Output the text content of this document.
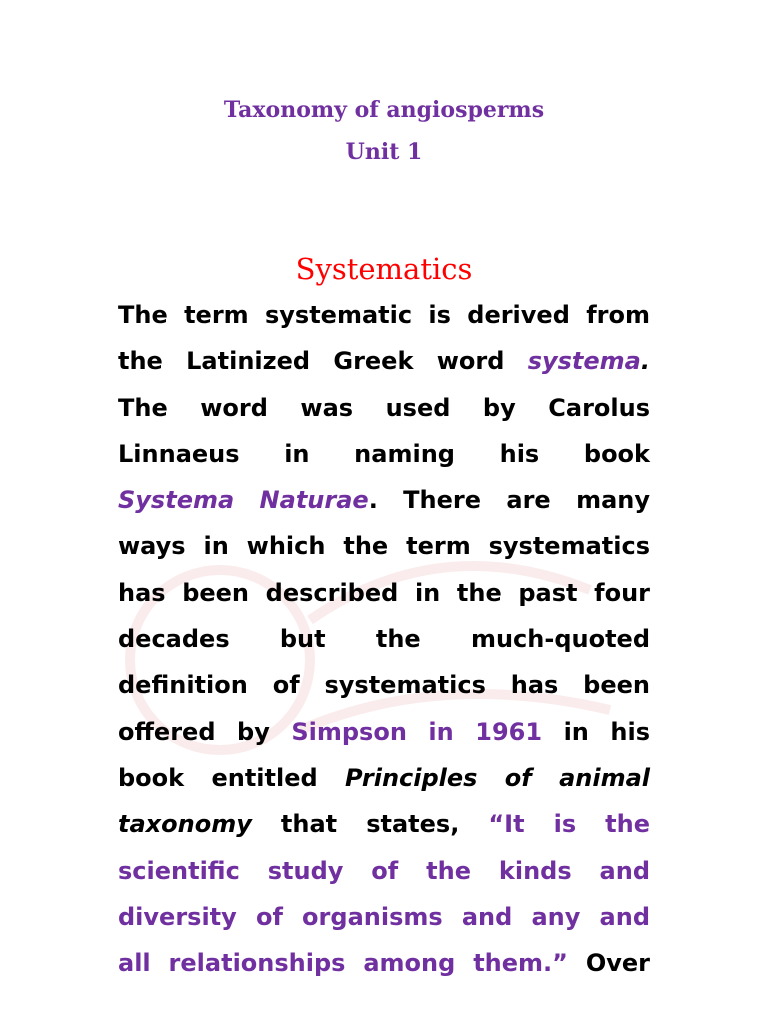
Taxonomy of angiosperms
Unit 1
Systematics
The term systematic is derived from
the Latinized Greek word systema.
The word was used by Carolus
Linnaeus in naming his book
Systema Naturae. There are many
ways in which the term systematics
has been described in the past four
decades but the much-quoted
definition of systematics has been
offered by Simpson in 1961 in his
book entitled Principles of animal
taxonomy that states, “It is the
scientific study of the kinds and
diversity of organisms and any and
all relationships among them.” Over
